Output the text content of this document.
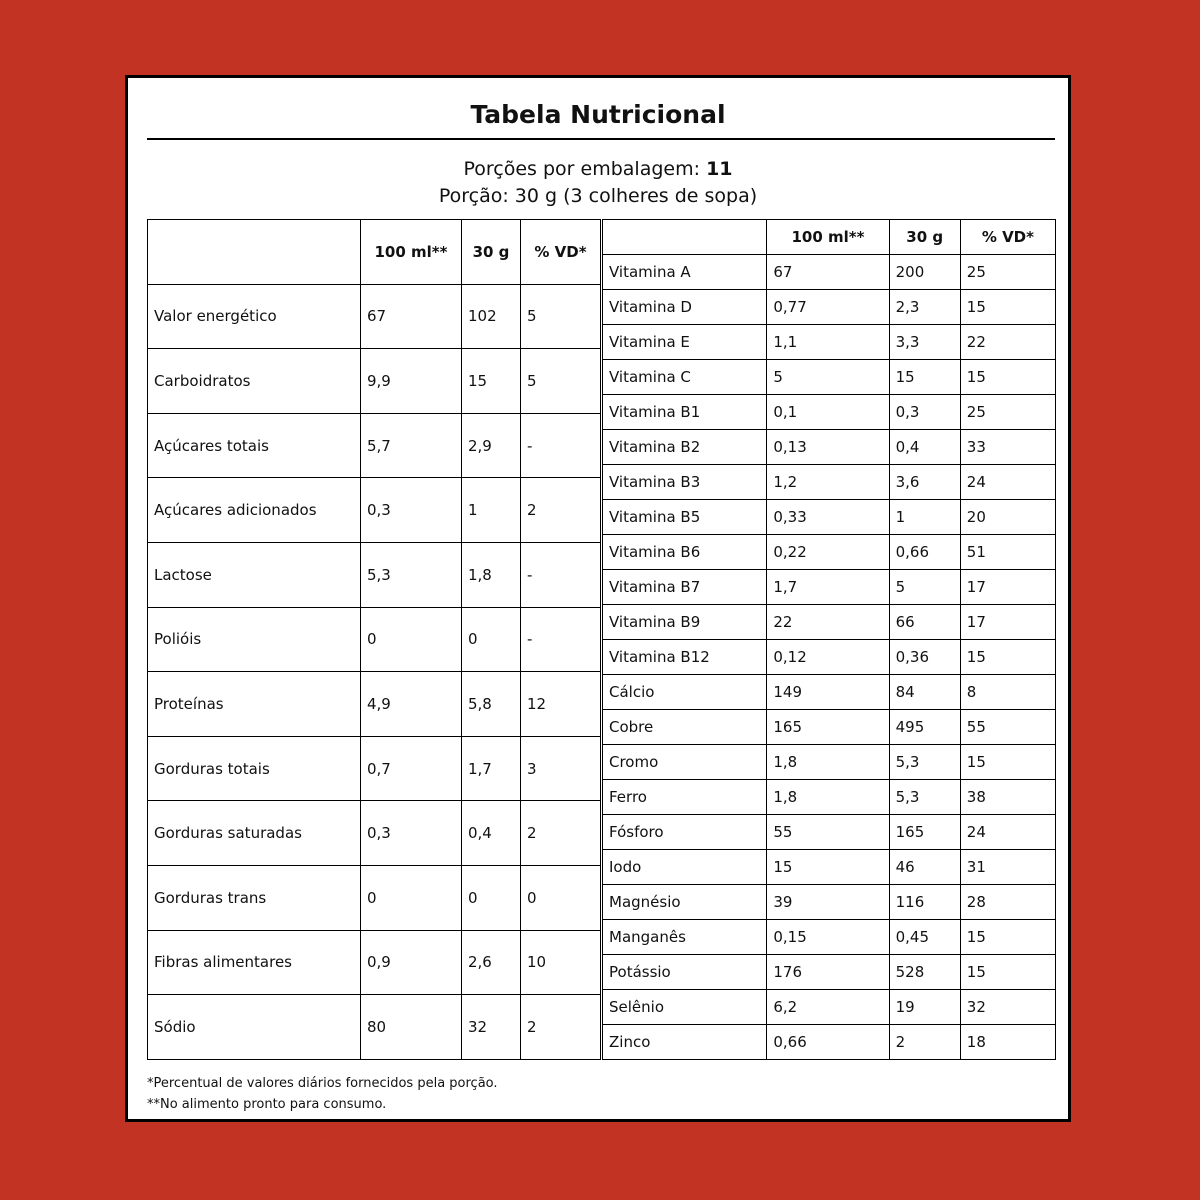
Tabela Nutricional
Porções por embalagem: 11
Porção: 30 g (3 colheres de sopa)
	100 ml**	30 g	% VD*
Valor energético	67	102	5
Carboidratos	9,9	15	5
Açúcares totais	5,7	2,9	-
Açúcares adicionados	0,3	1	2
Lactose	5,3	1,8	-
Polióis	0	0	-
Proteínas	4,9	5,8	12
Gorduras totais	0,7	1,7	3
Gorduras saturadas	0,3	0,4	2
Gorduras trans	0	0	0
Fibras alimentares	0,9	2,6	10
Sódio	80	32	2
	100 ml**	30 g	% VD*
Vitamina A	67	200	25
Vitamina D	0,77	2,3	15
Vitamina E	1,1	3,3	22
Vitamina C	5	15	15
Vitamina B1	0,1	0,3	25
Vitamina B2	0,13	0,4	33
Vitamina B3	1,2	3,6	24
Vitamina B5	0,33	1	20
Vitamina B6	0,22	0,66	51
Vitamina B7	1,7	5	17
Vitamina B9	22	66	17
Vitamina B12	0,12	0,36	15
Cálcio	149	84	8
Cobre	165	495	55
Cromo	1,8	5,3	15
Ferro	1,8	5,3	38
Fósforo	55	165	24
Iodo	15	46	31
Magnésio	39	116	28
Manganês	0,15	0,45	15
Potássio	176	528	15
Selênio	6,2	19	32
Zinco	0,66	2	18
*Percentual de valores diários fornecidos pela porção.
**No alimento pronto para consumo.
